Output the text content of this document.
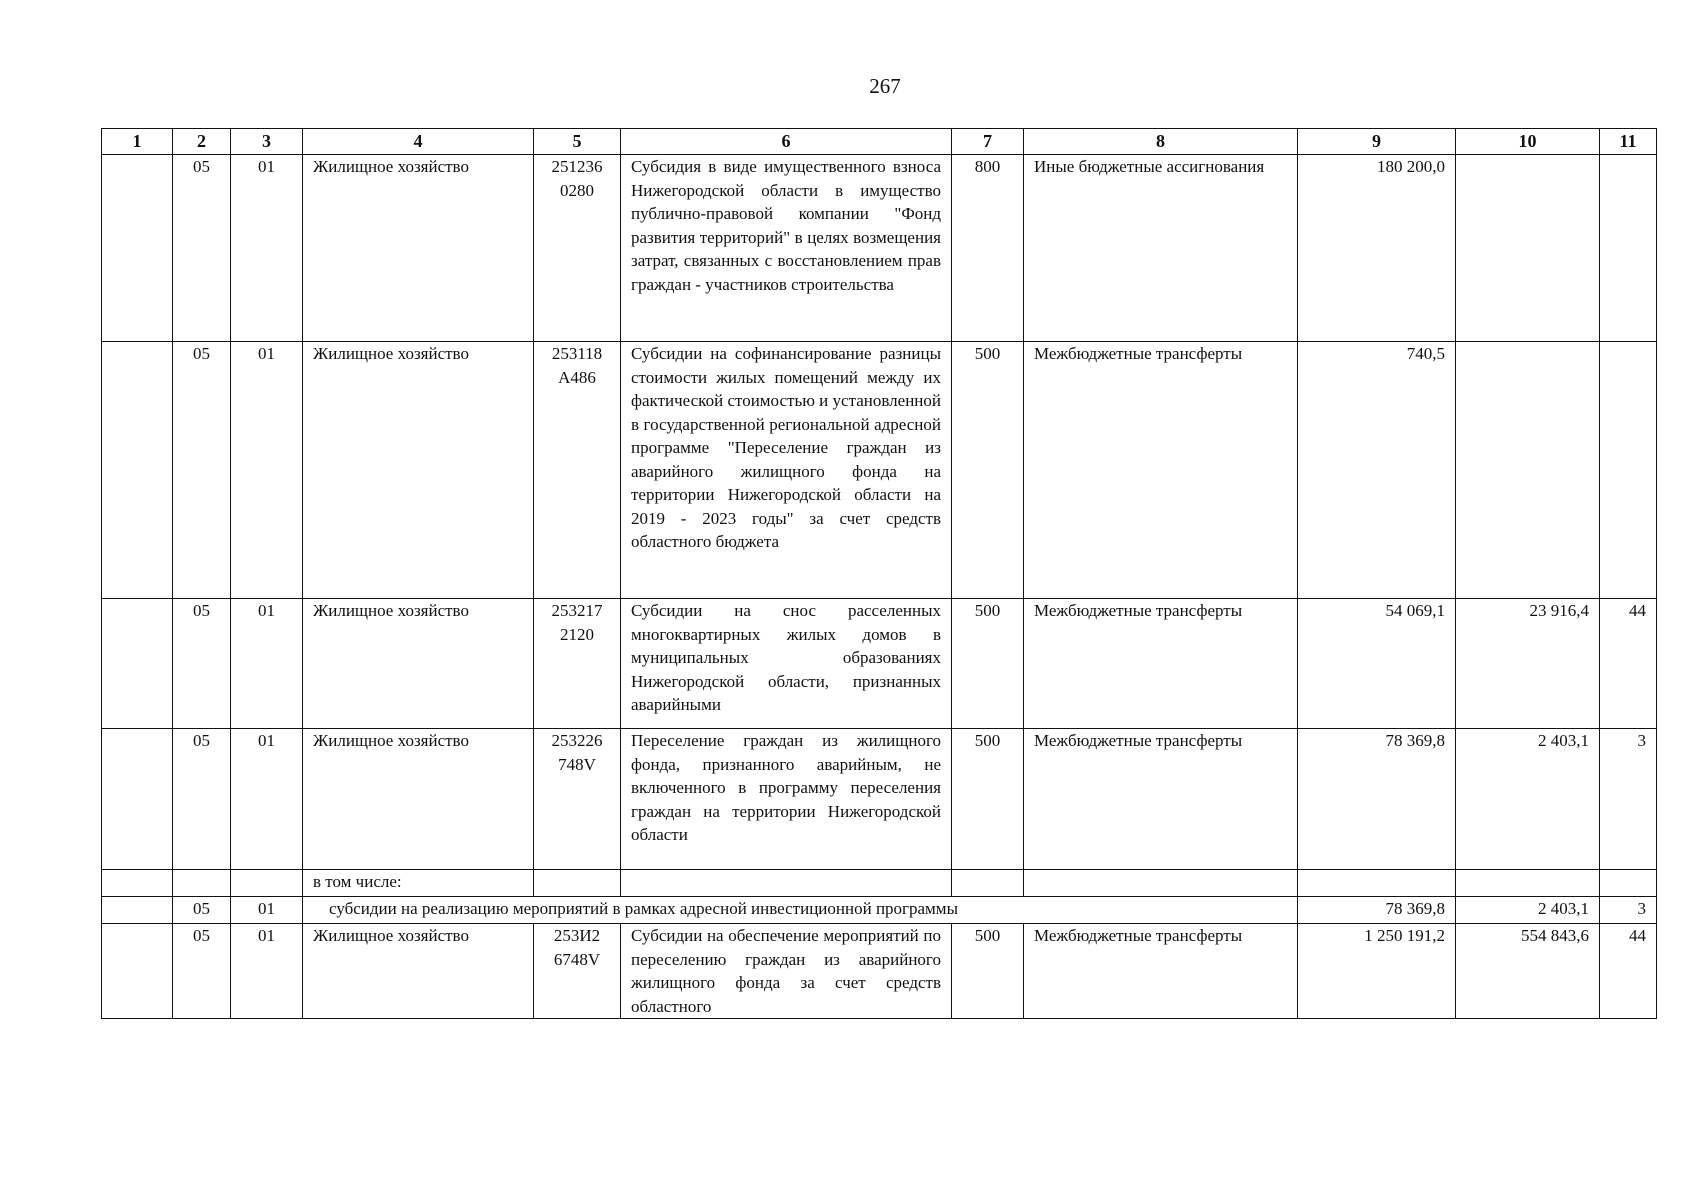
267
1	2	3	4	5	6	7	8	9	10	11
	05	01	Жилищное хозяйство	251236 0280	Субсидия в виде имущественного взноса Нижегородской области в имущество публично-правовой компании "Фонд развития территорий" в целях возмещения затрат, связанных с восстановлением прав граждан - участников строительства	800	Иные бюджетные ассигнования	180 200,0		
	05	01	Жилищное хозяйство	253118 А486	Субсидии на софинансирование разницы стоимости жилых помещений между их фактической стоимостью и установленной в государственной региональной адресной программе "Переселение граждан из аварийного жилищного фонда на территории Нижегородской области на 2019 - 2023 годы" за счет средств областного бюджета	500	Межбюджетные трансферты	740,5		
	05	01	Жилищное хозяйство	253217 2120	Субсидии на снос расселенных многоквартирных жилых домов в муниципальных образованиях Нижегородской области, признанных аварийными	500	Межбюджетные трансферты	54 069,1	23 916,4	44
	05	01	Жилищное хозяйство	253226 748V	Переселение граждан из жилищного фонда, признанного аварийным, не включенного в программу переселения граждан на территории Нижегородской области	500	Межбюджетные трансферты	78 369,8	2 403,1	3
			в том числе:							
	05	01	субсидии на реализацию мероприятий в рамках адресной инвестиционной программы					78 369,8	2 403,1	3
	05	01	Жилищное хозяйство	253И2 6748V	Субсидии на обеспечение мероприятий по переселению граждан из аварийного жилищного фонда за счет средств областного	500	Межбюджетные трансферты	1 250 191,2	554 843,6	44
